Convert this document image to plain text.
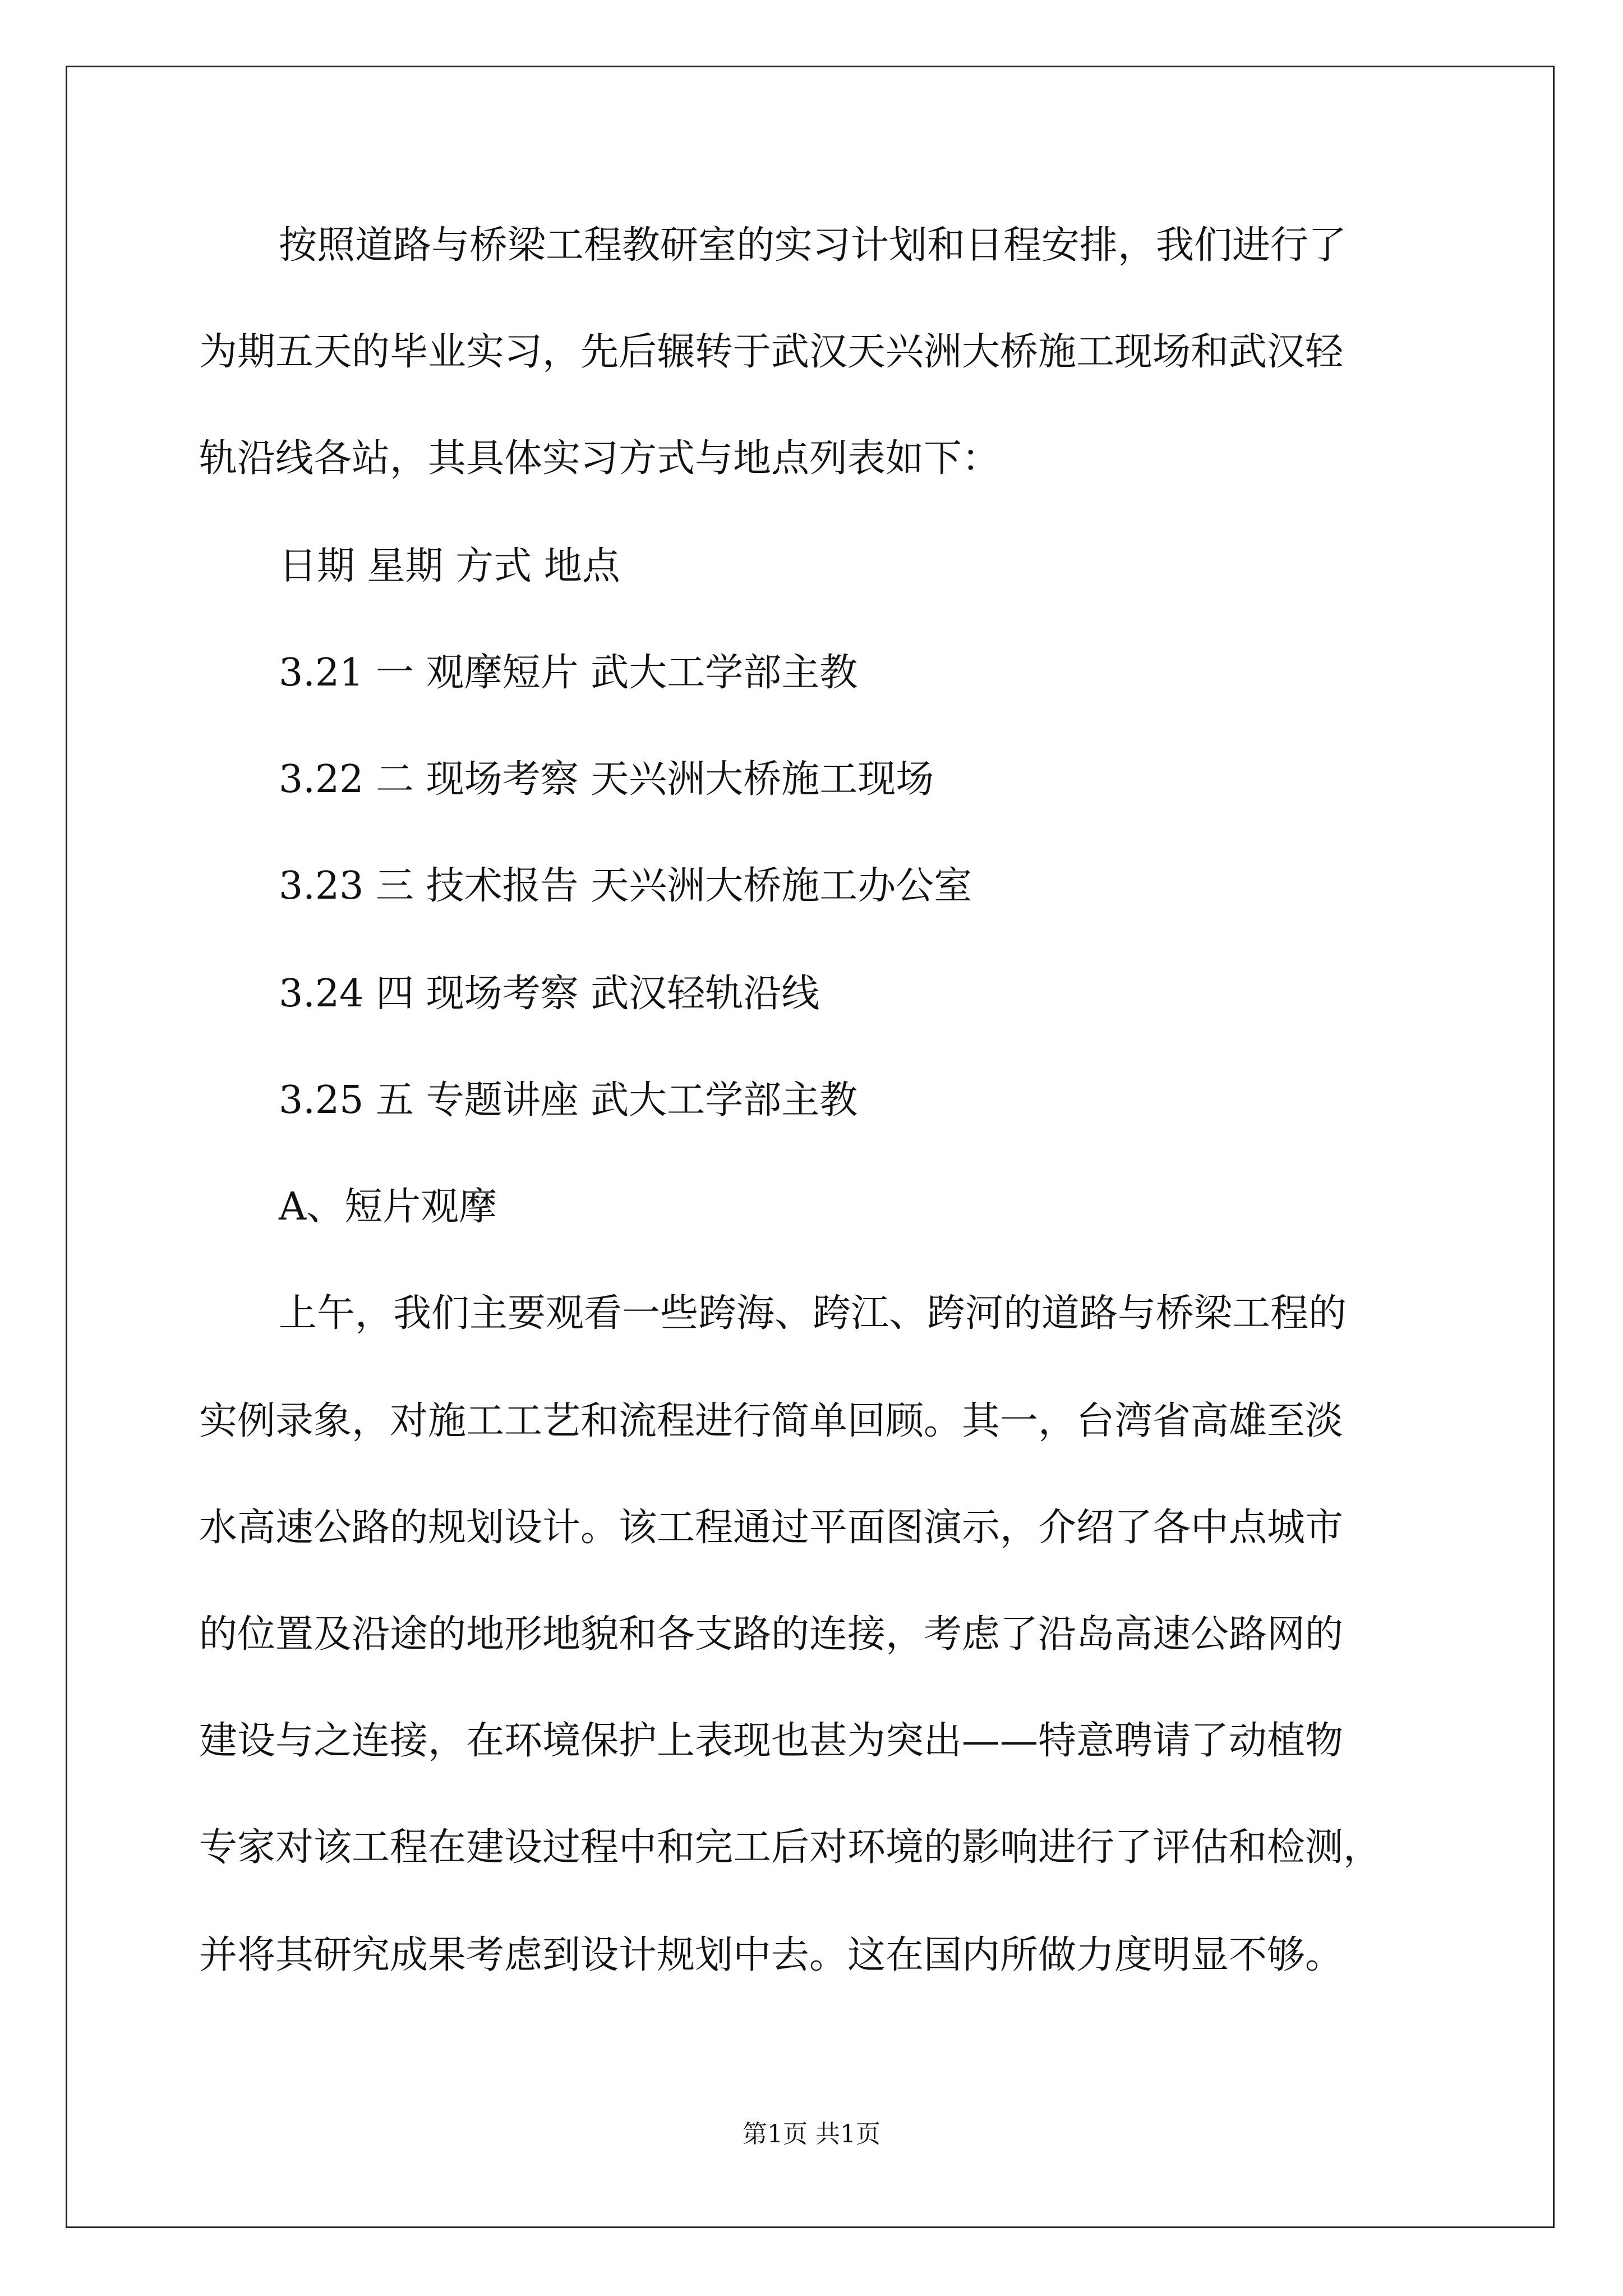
按照道路与桥梁工程教研室的实习计划和日程安排，我们进行了
为期五天的毕业实习，先后辗转于武汉天兴洲大桥施工现场和武汉轻
轨沿线各站，其具体实习方式与地点列表如下：
日期 星期 方式 地点
3.21 一 观摩短片 武大工学部主教
3.22 二 现场考察 天兴洲大桥施工现场
3.23 三 技术报告 天兴洲大桥施工办公室
3.24 四 现场考察 武汉轻轨沿线
3.25 五 专题讲座 武大工学部主教
A、短片观摩
上午，我们主要观看一些跨海、跨江、跨河的道路与桥梁工程的
实例录象，对施工工艺和流程进行简单回顾。其一，台湾省高雄至淡
水高速公路的规划设计。该工程通过平面图演示，介绍了各中点城市
的位置及沿途的地形地貌和各支路的连接，考虑了沿岛高速公路网的
建设与之连接，在环境保护上表现也甚为突出——特意聘请了动植物
专家对该工程在建设过程中和完工后对环境的影响进行了评估和检测，
并将其研究成果考虑到设计规划中去。这在国内所做力度明显不够。
第1页 共1页
